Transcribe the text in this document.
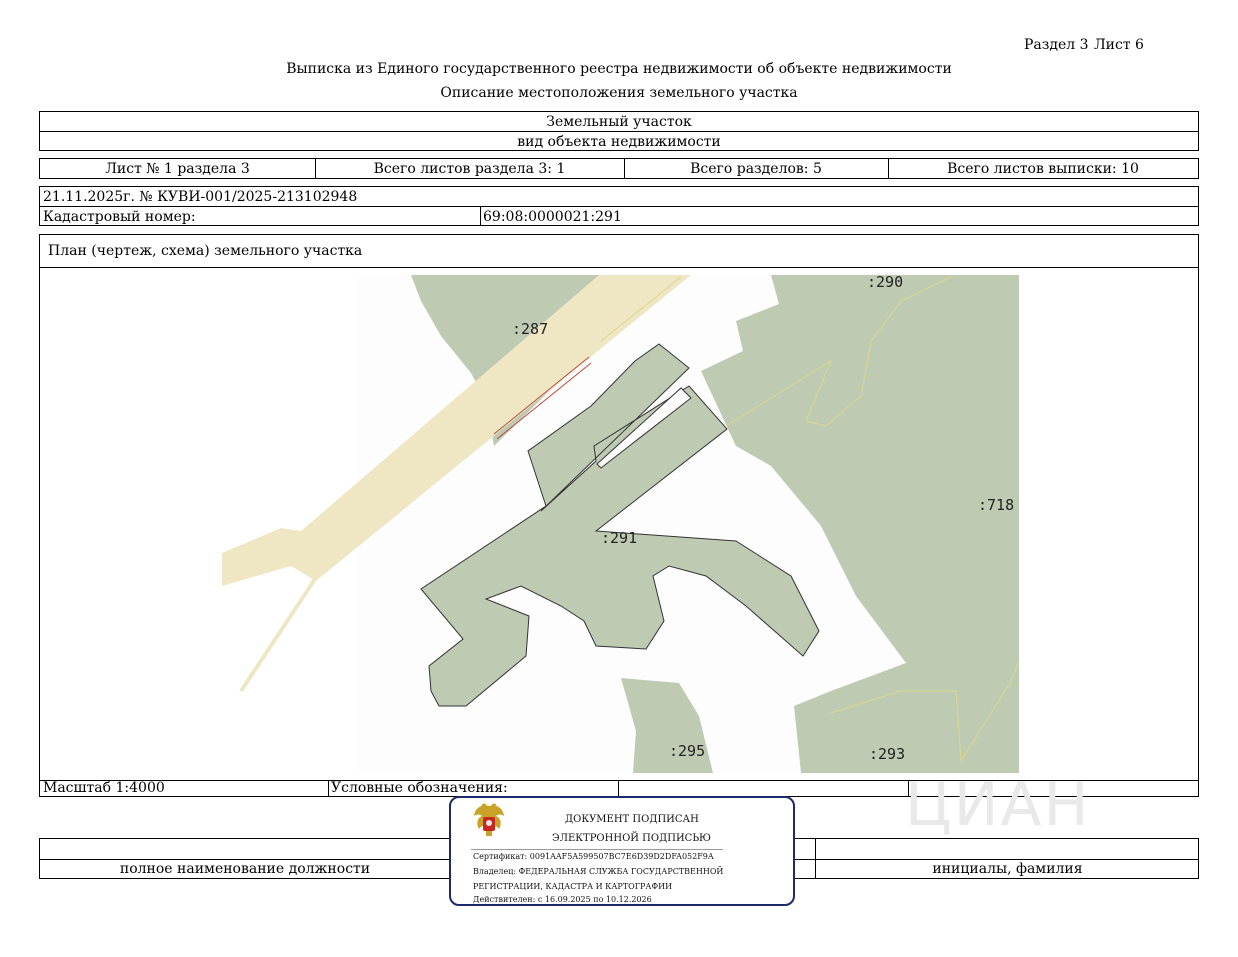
Раздел 3 Лист 6
Выписка из Единого государственного реестра недвижимости об объекте недвижимости
Описание местоположения земельного участка
Земельный участок
вид объекта недвижимости
Лист № 1 раздела 3	Всего листов раздела 3: 1	Всего разделов: 5	Всего листов выписки: 10
21.11.2025г. № КУВИ-001/2025-213102948
Кадастровый номер:	69:08:0000021:291
План (чертеж, схема) земельного участка
:287
:290
:718
:291
:295	:293
Масштаб 1:4000	Условные обозначения:
полное наименование должности	инициалы, фамилия
ЦИАН
ДОКУМЕНТ ПОДПИСАН
ЭЛЕКТРОННОЙ ПОДПИСЬЮ
Сертификат: 0091AAF5A599507BC7E6D39D2DFA052F9A
Владелец: ФЕДЕРАЛЬНАЯ СЛУЖБА ГОСУДАРСТВЕННОЙ
РЕГИСТРАЦИИ, КАДАСТРА И КАРТОГРАФИИ
Действителен: с 16.09.2025 по 10.12.2026
